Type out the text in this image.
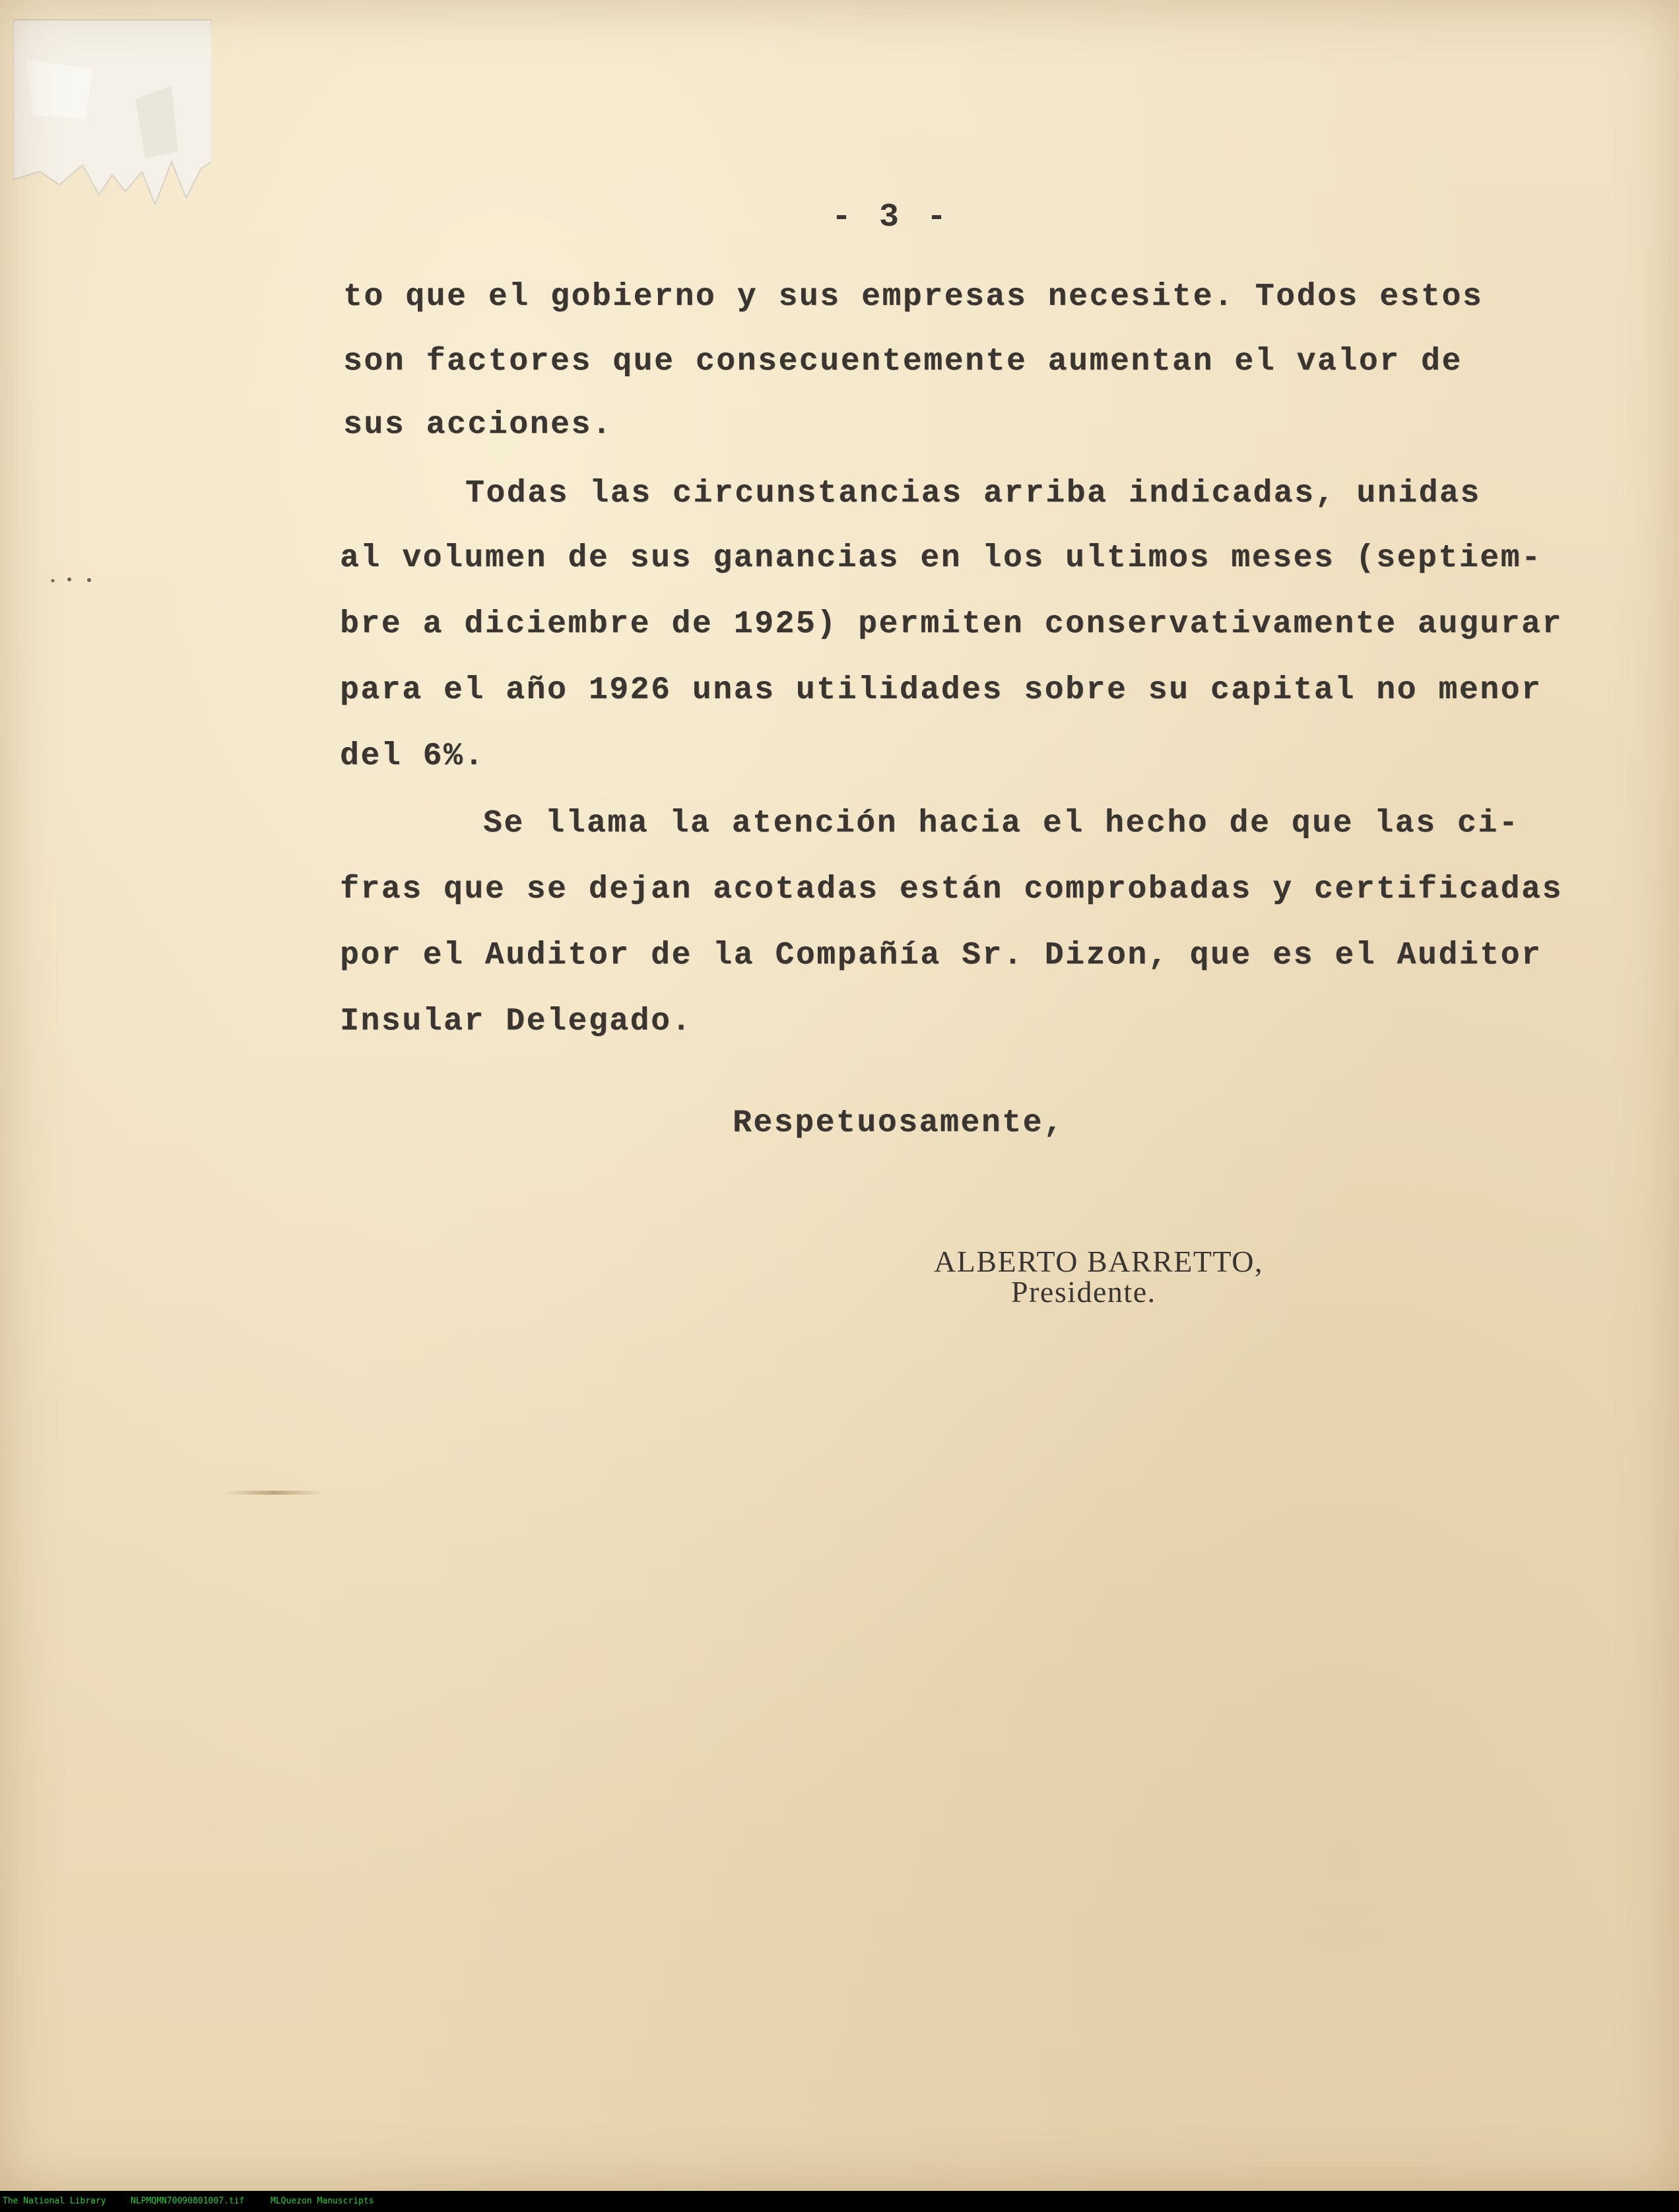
- 3 -

to que el gobierno y sus empresas necesite. Todos estos

son factores que consecuentemente aumentan el valor de

sus acciones.

Todas las circunstancias arriba indicadas, unidas

al volumen de sus ganancias en los ultimos meses (septiem-

bre a diciembre de 1925) permiten conservativamente augurar

para el año 1926 unas utilidades sobre su capital no menor

del 6%.

Se llama la atención hacia el hecho de que las ci-

fras que se dejan acotadas están comprobadas y certificadas

por el Auditor de la Compañía Sr. Dizon, que es el Auditor

Insular Delegado.

Respetuosamente,

ALBERTO BARRETTO,

Presidente.

The National Library	NLPMQMN70090801007.tif	MLQuezon Manuscripts
